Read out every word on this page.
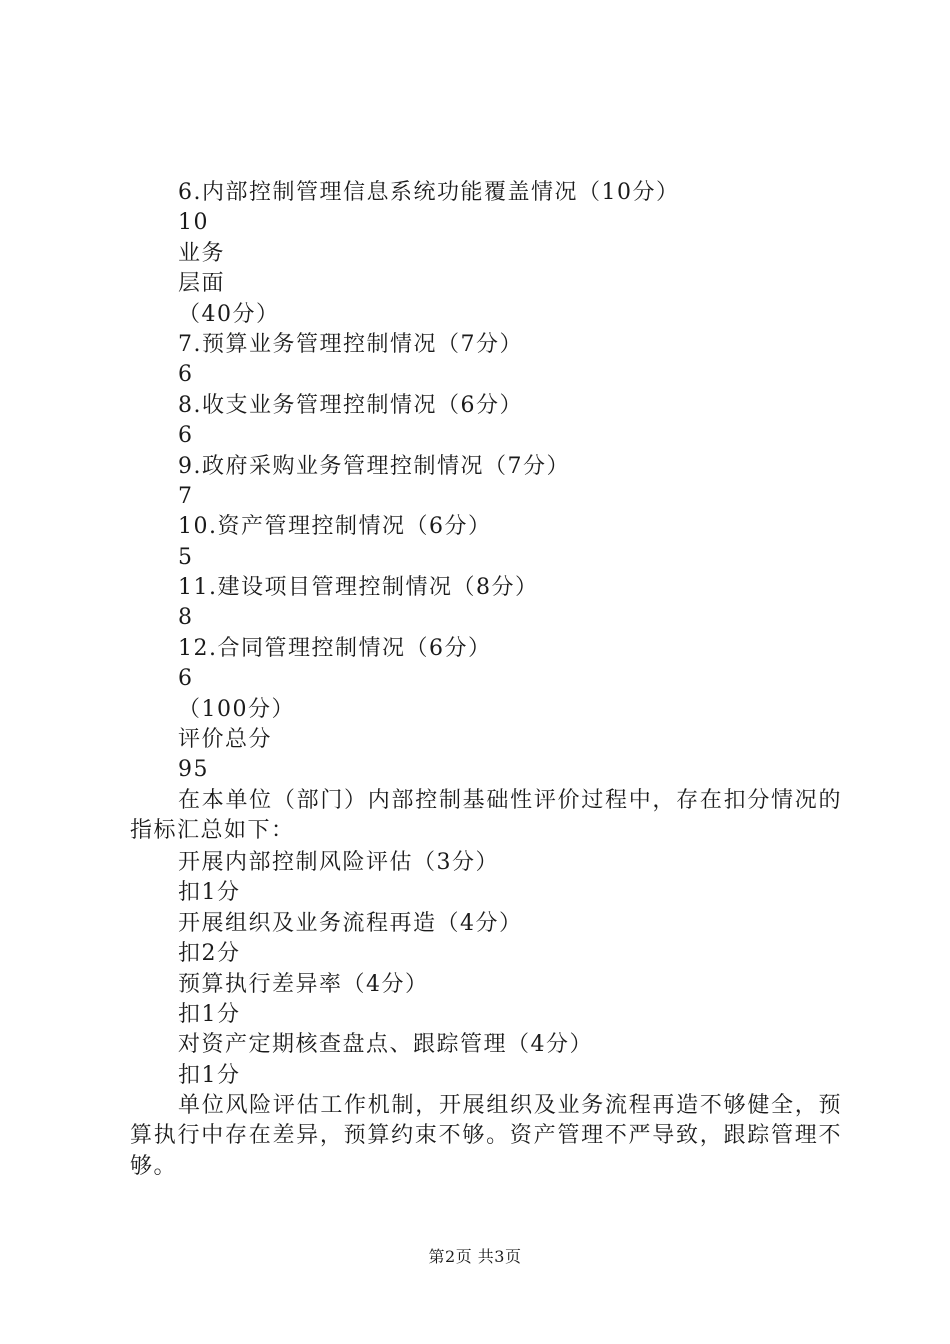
6.内部控制管理信息系统功能覆盖情况（10分）
10
业务
层面
（40分）
7.预算业务管理控制情况（7分）
6
8.收支业务管理控制情况（6分）
6
9.政府采购业务管理控制情况（7分）
7
10.资产管理控制情况（6分）
5
11.建设项目管理控制情况（8分）
8
12.合同管理控制情况（6分）
6
（100分）
评价总分
95

在本单位（部门）内部控制基础性评价过程中，存在扣分情况的指标汇总如下：

开展内部控制风险评估（3分）
扣1分
开展组织及业务流程再造（4分）
扣2分
预算执行差异率（4分）
扣1分
对资产定期核查盘点、跟踪管理（4分）
扣1分

单位风险评估工作机制，开展组织及业务流程再造不够健全，预算执行中存在差异，预算约束不够。资产管理不严导致，跟踪管理不够。

第2页 共3页
